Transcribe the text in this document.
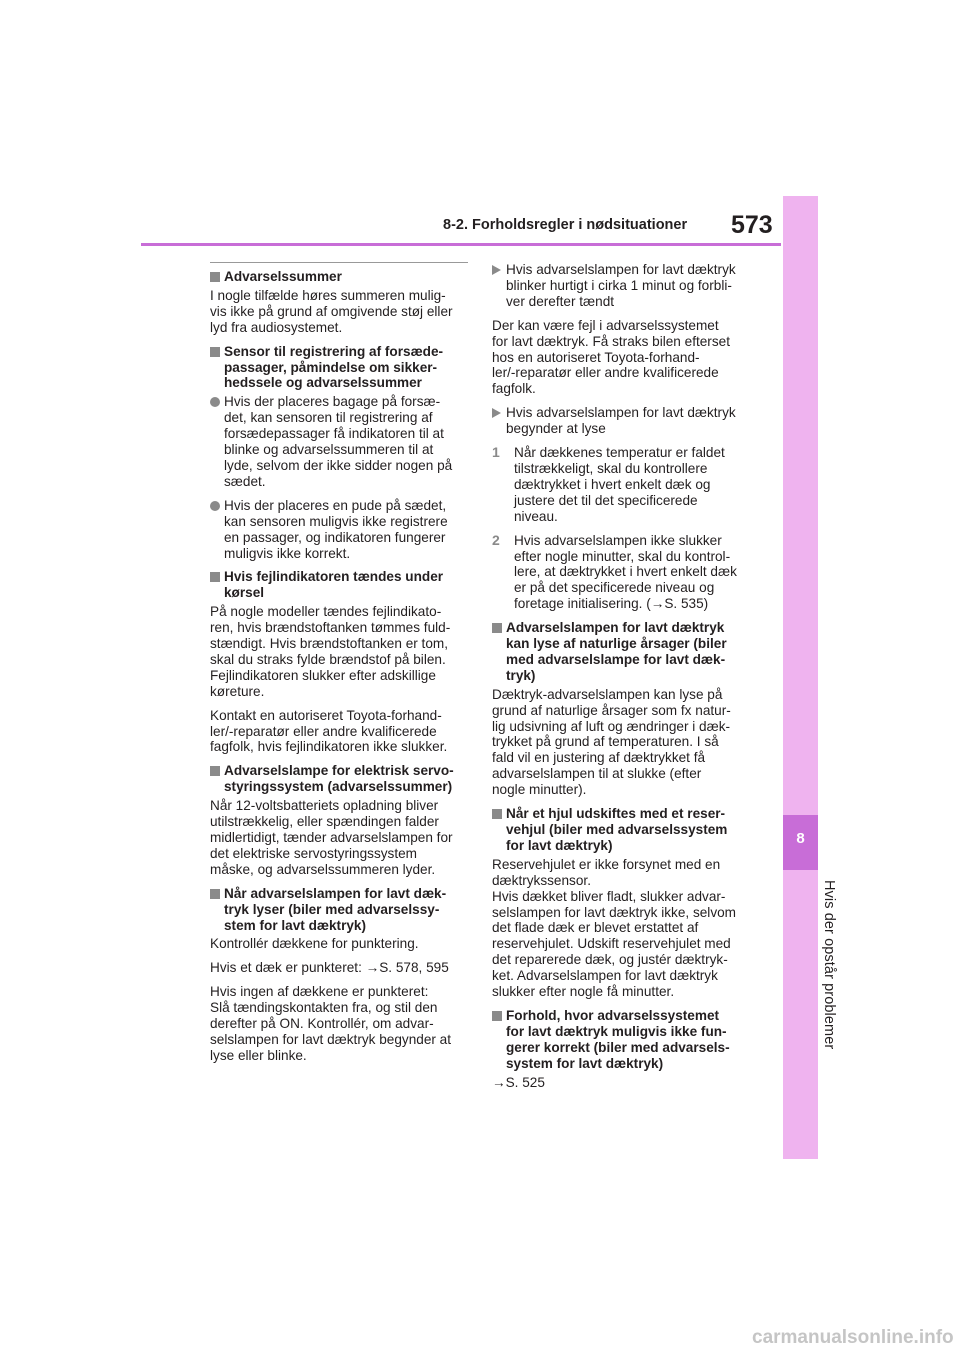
8-2. Forholdsregler i nødsituationer 573
8
Hvis der opstår problemer
Advarselssummer
I nogle tilfælde høres summeren mulig-
vis ikke på grund af omgivende støj eller
lyd fra audiosystemet.
Sensor til registrering af forsæde-
passager, påmindelse om sikker-
hedssele og advarselssummer
Hvis der placeres bagage på forsæ-
det, kan sensoren til registrering af
forsædepassager få indikatoren til at
blinke og advarselssummeren til at
lyde, selvom der ikke sidder nogen på
sædet.
Hvis der placeres en pude på sædet,
kan sensoren muligvis ikke registrere
en passager, og indikatoren fungerer
muligvis ikke korrekt.
Hvis fejlindikatoren tændes under
kørsel
På nogle modeller tændes fejlindikato-
ren, hvis brændstoftanken tømmes fuld-
stændigt. Hvis brændstoftanken er tom,
skal du straks fylde brændstof på bilen.
Fejlindikatoren slukker efter adskillige
køreture.
Kontakt en autoriseret Toyota-forhand-
ler/-reparatør eller andre kvalificerede
fagfolk, hvis fejlindikatoren ikke slukker.
Advarselslampe for elektrisk servo-
styringssystem (advarselssummer)
Når 12-voltsbatteriets opladning bliver
utilstrækkelig, eller spændingen falder
midlertidigt, tænder advarselslampen for
det elektriske servostyringssystem
måske, og advarselssummeren lyder.
Når advarselslampen for lavt dæk-
tryk lyser (biler med advarselssy-
stem for lavt dæktryk)
Kontrollér dækkene for punktering.
Hvis et dæk er punkteret: →S. 578, 595
Hvis ingen af dækkene er punkteret:
Slå tændingskontakten fra, og stil den
derefter på ON. Kontrollér, om advar-
selslampen for lavt dæktryk begynder at
lyse eller blinke.
Hvis advarselslampen for lavt dæktryk
blinker hurtigt i cirka 1 minut og forbli-
ver derefter tændt
Der kan være fejl i advarselssystemet
for lavt dæktryk. Få straks bilen efterset
hos en autoriseret Toyota-forhand-
ler/-reparatør eller andre kvalificerede
fagfolk.
Hvis advarselslampen for lavt dæktryk
begynder at lyse
1 Når dækkenes temperatur er faldet
tilstrækkeligt, skal du kontrollere
dæktrykket i hvert enkelt dæk og
justere det til det specificerede
niveau.
2 Hvis advarselslampen ikke slukker
efter nogle minutter, skal du kontrol-
lere, at dæktrykket i hvert enkelt dæk
er på det specificerede niveau og
foretage initialisering. (→S. 535)
Advarselslampen for lavt dæktryk
kan lyse af naturlige årsager (biler
med advarselslampe for lavt dæk-
tryk)
Dæktryk-advarselslampen kan lyse på
grund af naturlige årsager som fx natur-
lig udsivning af luft og ændringer i dæk-
trykket på grund af temperaturen. I så
fald vil en justering af dæktrykket få
advarselslampen til at slukke (efter
nogle minutter).
Når et hjul udskiftes med et reser-
vehjul (biler med advarselssystem
for lavt dæktryk)
Reservehjulet er ikke forsynet med en
dæktrykssensor.
Hvis dækket bliver fladt, slukker advar-
selslampen for lavt dæktryk ikke, selvom
det flade dæk er blevet erstattet af
reservehjulet. Udskift reservehjulet med
det reparerede dæk, og justér dæktryk-
ket. Advarselslampen for lavt dæktryk
slukker efter nogle få minutter.
Forhold, hvor advarselssystemet
for lavt dæktryk muligvis ikke fun-
gerer korrekt (biler med advarsels-
system for lavt dæktryk)
→S. 525
carmanualsonline.info
